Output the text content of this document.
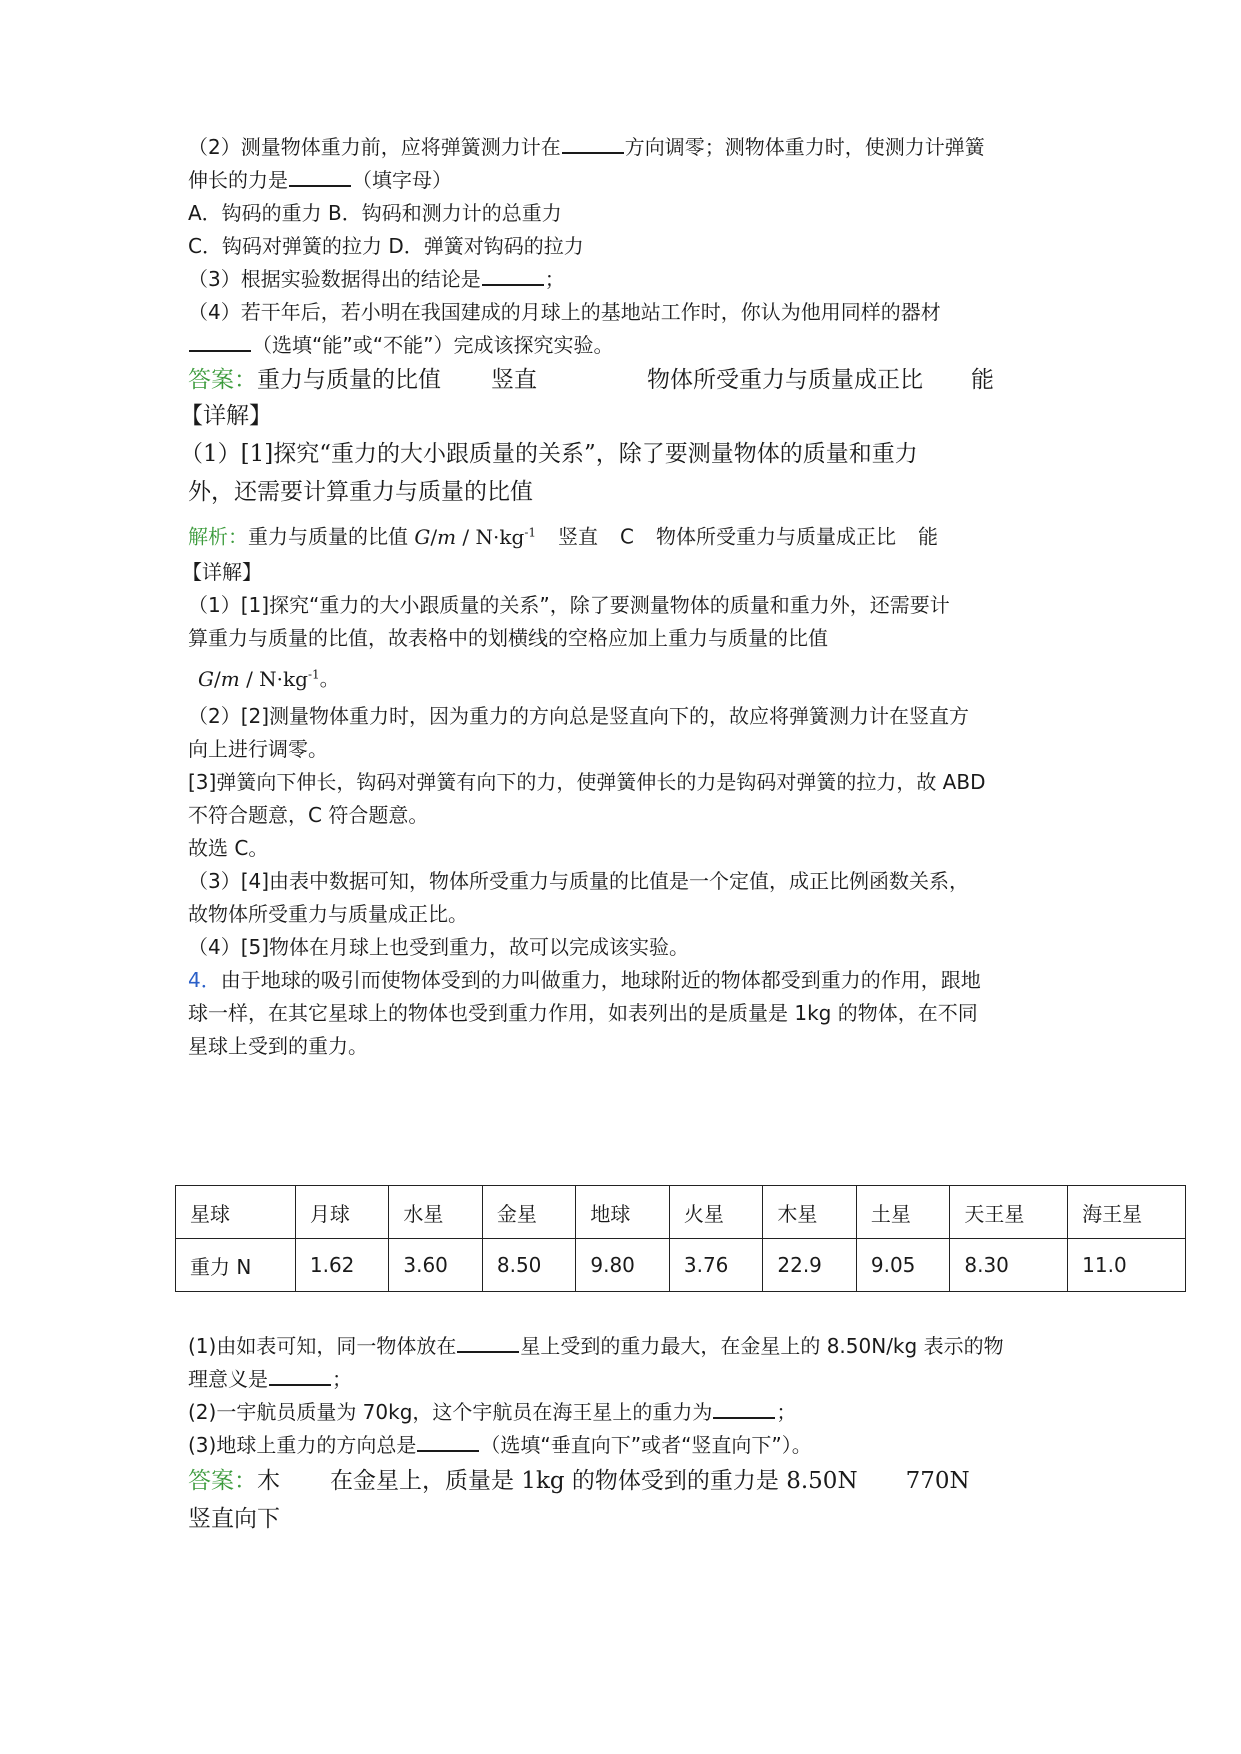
（2）测量物体重力前，应将弹簧测力计在	方向调零；测物体重力时，使测力计弹簧
伸长的力是	（填字母）
A．钩码的重力 B．钩码和测力计的总重力
C．钩码对弹簧的拉力 D．弹簧对钩码的拉力
（3）根据实验数据得出的结论是	；
（4）若干年后，若小明在我国建成的月球上的基地站工作时，你认为他用同样的器材
（选填“能”或“不能”）完成该探究实验。
答案：重力与质量的比值 竖直	物体所受重力与质量成正比 能
【详解】
（1）[1]探究“重力的大小跟质量的关系”，除了要测量物体的质量和重力
外，还需要计算重力与质量的比值
解析：重力与质量的比值 $G/m / N\cdot kg^{-1}$ 竖直 C 物体所受重力与质量成正比 能
【详解】
（1）[1]探究“重力的大小跟质量的关系”，除了要测量物体的质量和重力外，还需要计
算重力与质量的比值，故表格中的划横线的空格应加上重力与质量的比值
$G/m / N\cdot kg^{-1}$。
（2）[2]测量物体重力时，因为重力的方向总是竖直向下的，故应将弹簧测力计在竖直方
向上进行调零。
[3]弹簧向下伸长，钩码对弹簧有向下的力，使弹簧伸长的力是钩码对弹簧的拉力，故 ABD
不符合题意，C 符合题意。
故选 C。
（3）[4]由表中数据可知，物体所受重力与质量的比值是一个定值，成正比例函数关系，
故物体所受重力与质量成正比。
（4）[5]物体在月球上也受到重力，故可以完成该实验。
4．由于地球的吸引而使物体受到的力叫做重力，地球附近的物体都受到重力的作用，跟地
球一样，在其它星球上的物体也受到重力作用，如表列出的是质量是 1kg 的物体，在不同
星球上受到的重力。
星球	月球	水星	金星	地球	火星	木星	土星	天王星	海王星
重力 N	1.62	3.60	8.50	9.80	3.76	22.9	9.05	8.30	11.0
(1)由如表可知，同一物体放在	星上受到的重力最大，在金星上的 8.50N/kg 表示的物
理意义是	；
(2)一宇航员质量为 70kg，这个宇航员在海王星上的重力为	；
(3)地球上重力的方向总是	（选填“垂直向下”或者“竖直向下”）。
答案：木 在金星上，质量是 1kg 的物体受到的重力是 8.50N 770N
竖直向下
